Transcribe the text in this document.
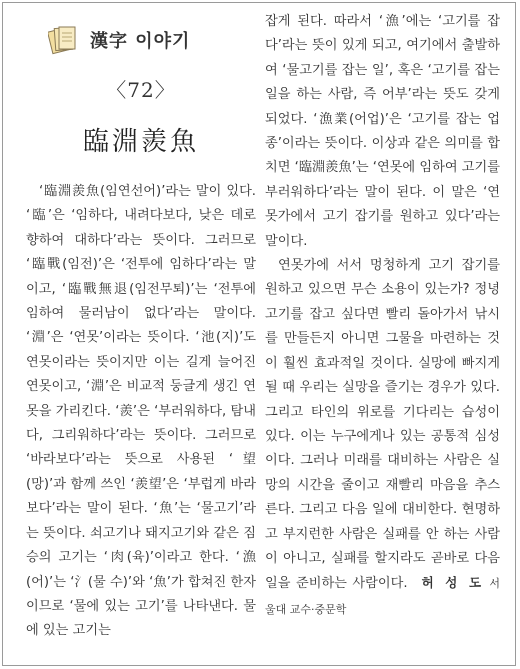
漢字 이야기
〈72〉
臨淵羨魚

‘臨淵羨魚(임연선어)’라는 말이 있다. ‘臨’은 ‘임하다, 내려다보다, 낮은 데로 향하여 대하다’라는 뜻이다. 그러므로 ‘臨戰(임전)’은 ‘전투에 임하다’라는 말이고, ‘臨戰無退(임전무퇴)’는 ‘전투에 임하여 물러남이 없다’라는 말이다. ‘淵’은 ‘연못’이라는 뜻이다. ‘池(지)’도 연못이라는 뜻이지만 이는 길게 늘어진 연못이고, ‘淵’은 비교적 둥글게 생긴 연못을 가리킨다. ‘羨’은 ‘부러워하다, 탐내다, 그리워하다’라는 뜻이다. 그러므로 ‘바라보다’라는 뜻으로 사용된 ‘望(망)’과 함께 쓰인 ‘羨望’은 ‘부럽게 바라보다’라는 말이 된다. ‘魚’는 ‘물고기’라는 뜻이다. 쇠고기나 돼지고기와 같은 짐승의 고기는 ‘肉(육)’이라고 한다. ‘漁(어)’는 ‘氵(물 수)’와 ‘魚’가 합쳐진 한자이므로 ‘물에 있는 고기’를 나타낸다. 물에 있는 고기는

잡게 된다. 따라서 ‘漁’에는 ‘고기를 잡다’라는 뜻이 있게 되고, 여기에서 출발하여 ‘물고기를 잡는 일’, 혹은 ‘고기를 잡는 일을 하는 사람, 즉 어부’라는 뜻도 갖게 되었다. ‘漁業(어업)’은 ‘고기를 잡는 업종’이라는 뜻이다. 이상과 같은 의미를 합치면 ‘臨淵羨魚’는 ‘연못에 임하여 고기를 부러워하다’라는 말이 된다. 이 말은 ‘연못가에서 고기 잡기를 원하고 있다’라는 말이다.

연못가에 서서 멍청하게 고기 잡기를 원하고 있으면 무슨 소용이 있는가? 정녕 고기를 잡고 싶다면 빨리 돌아가서 낚시를 만들든지 아니면 그물을 마련하는 것이 훨씬 효과적일 것이다. 실망에 빠지게 될 때 우리는 실망을 즐기는 경우가 있다. 그리고 타인의 위로를 기다리는 습성이 있다. 이는 누구에게나 있는 공통적 심성이다. 그러나 미래를 대비하는 사람은 실망의 시간을 줄이고 재빨리 마음을 추스른다. 그리고 다음 일에 대비한다. 현명하고 부지런한 사람은 실패를 안 하는 사람이 아니고, 실패를 할지라도 곧바로 다음 일을 준비하는 사람이다. 허 성 도 서울대 교수·중문학
